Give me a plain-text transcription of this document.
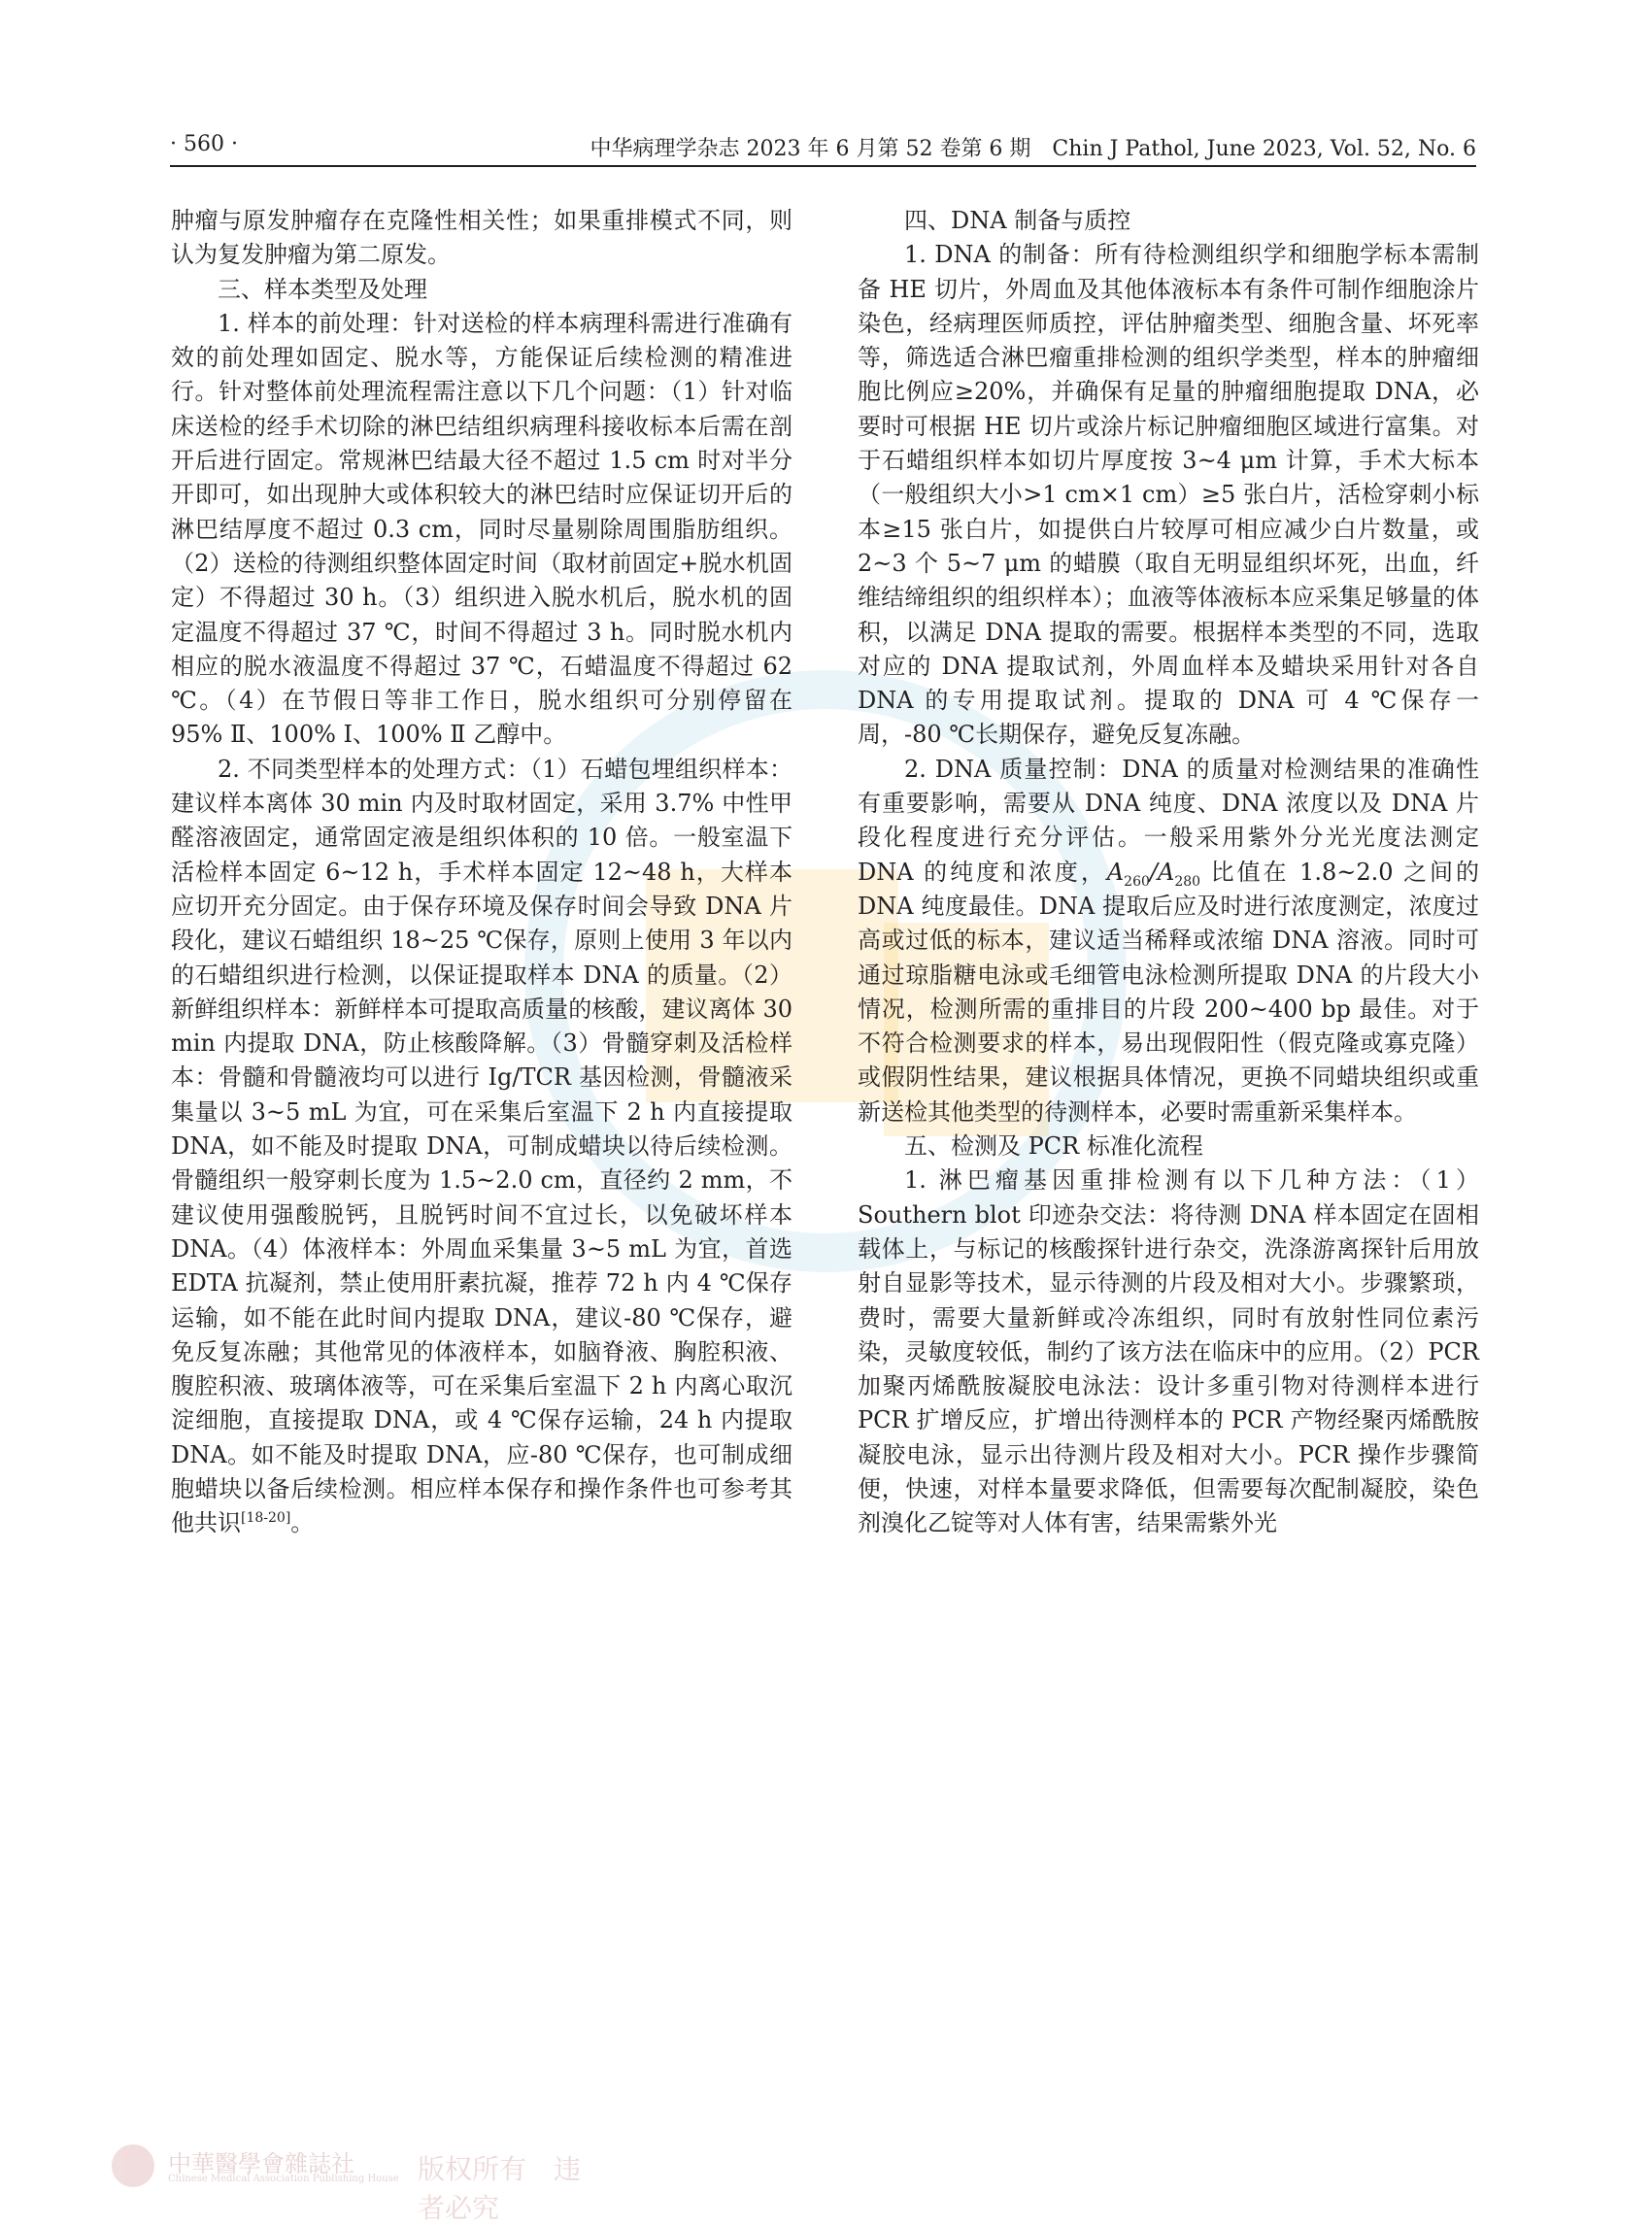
· 560 ·	中华病理学杂志 2023 年 6 月第 52 卷第 6 期　Chin J Pathol, June 2023, Vol. 52, No. 6

肿瘤与原发肿瘤存在克隆性相关性；如果重排模式不同，则认为复发肿瘤为第二原发。

三、样本类型及处理

1. 样本的前处理：针对送检的样本病理科需进行准确有效的前处理如固定、脱水等，方能保证后续检测的精准进行。针对整体前处理流程需注意以下几个问题：（1）针对临床送检的经手术切除的淋巴结组织病理科接收标本后需在剖开后进行固定。常规淋巴结最大径不超过 1.5 cm 时对半分开即可，如出现肿大或体积较大的淋巴结时应保证切开后的淋巴结厚度不超过 0.3 cm，同时尽量剔除周围脂肪组织。（2）送检的待测组织整体固定时间（取材前固定+脱水机固定）不得超过 30 h。（3）组织进入脱水机后，脱水机的固定温度不得超过 37 ℃，时间不得超过 3 h。同时脱水机内相应的脱水液温度不得超过 37 ℃，石蜡温度不得超过 62 ℃。（4）在节假日等非工作日，脱水组织可分别停留在 95% Ⅱ、100% Ⅰ、100% Ⅱ 乙醇中。

2. 不同类型样本的处理方式：（1）石蜡包埋组织样本：建议样本离体 30 min 内及时取材固定，采用 3.7% 中性甲醛溶液固定，通常固定液是组织体积的 10 倍。一般室温下活检样本固定 6~12 h，手术样本固定 12~48 h，大样本应切开充分固定。由于保存环境及保存时间会导致 DNA 片段化，建议石蜡组织 18~25 ℃保存，原则上使用 3 年以内的石蜡组织进行检测，以保证提取样本 DNA 的质量。（2）新鲜组织样本：新鲜样本可提取高质量的核酸，建议离体 30 min 内提取 DNA，防止核酸降解。（3）骨髓穿刺及活检样本：骨髓和骨髓液均可以进行 Ig/TCR 基因检测，骨髓液采集量以 3~5 mL 为宜，可在采集后室温下 2 h 内直接提取 DNA，如不能及时提取 DNA，可制成蜡块以待后续检测。骨髓组织一般穿刺长度为 1.5~2.0 cm，直径约 2 mm，不建议使用强酸脱钙，且脱钙时间不宜过长，以免破坏样本 DNA。（4）体液样本：外周血采集量 3~5 mL 为宜，首选 EDTA 抗凝剂，禁止使用肝素抗凝，推荐 72 h 内 4 ℃保存运输，如不能在此时间内提取 DNA，建议-80 ℃保存，避免反复冻融；其他常见的体液样本，如脑脊液、胸腔积液、腹腔积液、玻璃体液等，可在采集后室温下 2 h 内离心取沉淀细胞，直接提取 DNA，或 4 ℃保存运输，24 h 内提取 DNA。如不能及时提取 DNA，应-80 ℃保存，也可制成细胞蜡块以备后续检测。相应样本保存和操作条件也可参考其他共识[18-20]。

四、DNA 制备与质控

1. DNA 的制备：所有待检测组织学和细胞学标本需制备 HE 切片，外周血及其他体液标本有条件可制作细胞涂片染色，经病理医师质控，评估肿瘤类型、细胞含量、坏死率等，筛选适合淋巴瘤重排检测的组织学类型，样本的肿瘤细胞比例应≥20%，并确保有足量的肿瘤细胞提取 DNA，必要时可根据 HE 切片或涂片标记肿瘤细胞区域进行富集。对于石蜡组织样本如切片厚度按 3~4 μm 计算，手术大标本（一般组织大小>1 cm×1 cm）≥5 张白片，活检穿刺小标本≥15 张白片，如提供白片较厚可相应减少白片数量，或 2~3 个 5~7 μm 的蜡膜（取自无明显组织坏死，出血，纤维结缔组织的组织样本）；血液等体液标本应采集足够量的体积，以满足 DNA 提取的需要。根据样本类型的不同，选取对应的 DNA 提取试剂，外周血样本及蜡块采用针对各自 DNA 的专用提取试剂。提取的 DNA 可 4 ℃保存一周，-80 ℃长期保存，避免反复冻融。

2. DNA 质量控制：DNA 的质量对检测结果的准确性有重要影响，需要从 DNA 纯度、DNA 浓度以及 DNA 片段化程度进行充分评估。一般采用紫外分光光度法测定 DNA 的纯度和浓度，$A_{260}/A_{280}$ 比值在 1.8~2.0 之间的 DNA 纯度最佳。DNA 提取后应及时进行浓度测定，浓度过高或过低的标本，建议适当稀释或浓缩 DNA 溶液。同时可通过琼脂糖电泳或毛细管电泳检测所提取 DNA 的片段大小情况，检测所需的重排目的片段 200~400 bp 最佳。对于不符合检测要求的样本，易出现假阳性（假克隆或寡克隆）或假阴性结果，建议根据具体情况，更换不同蜡块组织或重新送检其他类型的待测样本，必要时需重新采集样本。

五、检测及 PCR 标准化流程

1. 淋巴瘤基因重排检测有以下几种方法：（1）Southern blot 印迹杂交法：将待测 DNA 样本固定在固相载体上，与标记的核酸探针进行杂交，洗涤游离探针后用放射自显影等技术，显示待测的片段及相对大小。步骤繁琐，费时，需要大量新鲜或冷冻组织，同时有放射性同位素污染，灵敏度较低，制约了该方法在临床中的应用。（2）PCR 加聚丙烯酰胺凝胶电泳法：设计多重引物对待测样本进行 PCR 扩增反应，扩增出待测样本的 PCR 产物经聚丙烯酰胺凝胶电泳，显示出待测片段及相对大小。PCR 操作步骤简便，快速，对样本量要求降低，但需要每次配制凝胶，染色剂溴化乙锭等对人体有害，结果需紫外光

中華醫學會雜誌社
Chinese Medical Association Publishing House 版权所有　违者必究
